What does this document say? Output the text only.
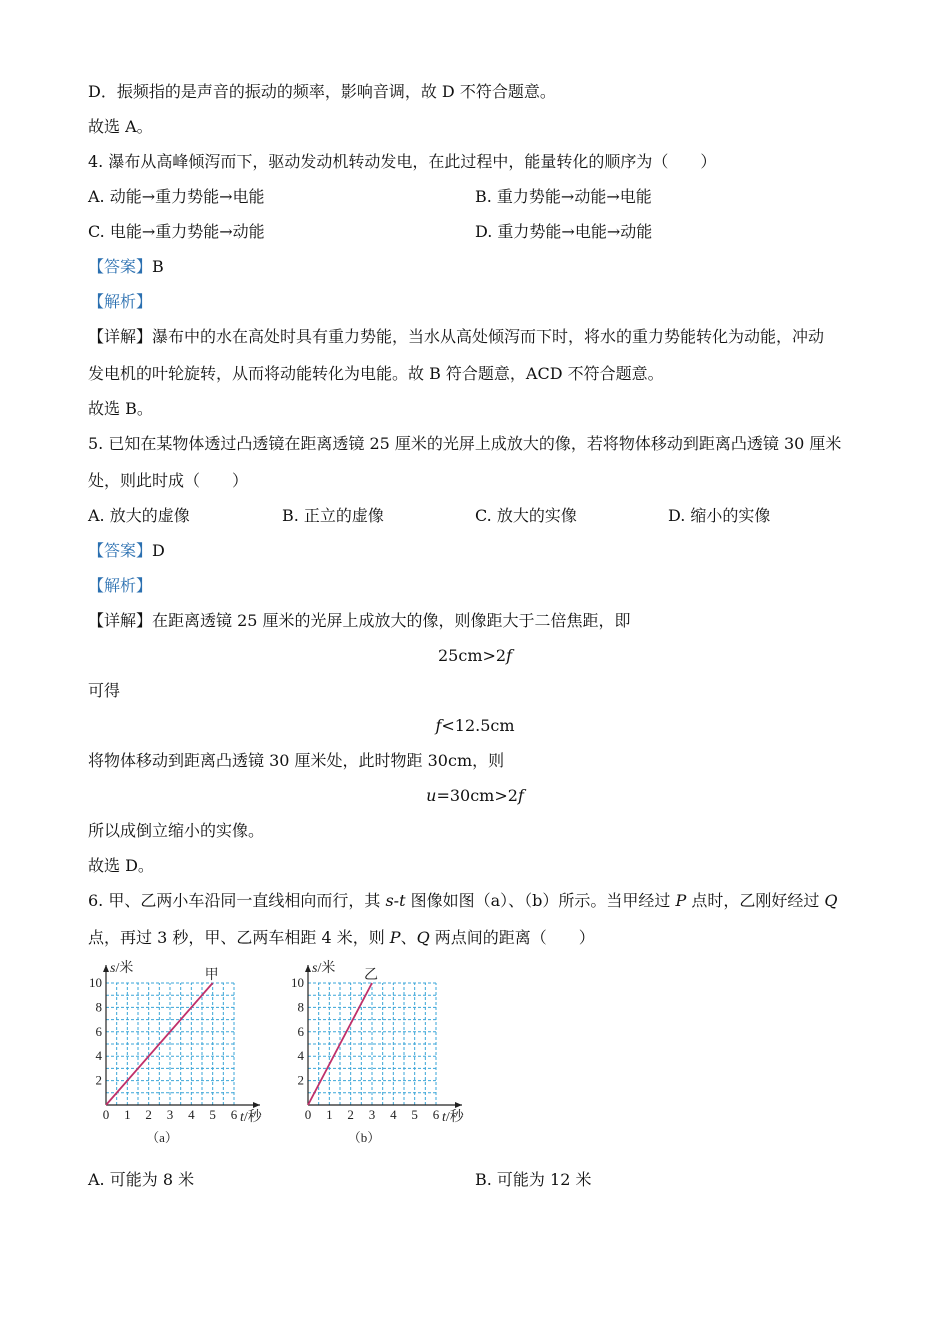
D．振频指的是声音的振动的频率，影响音调，故 D 不符合题意。
故选 A。
4. 瀑布从高峰倾泻而下，驱动发动机转动发电，在此过程中，能量转化的顺序为（　　）
A. 动能→重力势能→电能	B. 重力势能→动能→电能
C. 电能→重力势能→动能	D. 重力势能→电能→动能
【答案】B
【解析】
【详解】瀑布中的水在高处时具有重力势能，当水从高处倾泻而下时，将水的重力势能转化为动能，冲动
发电机的叶轮旋转，从而将动能转化为电能。故 B 符合题意，ACD 不符合题意。
故选 B。
5. 已知在某物体透过凸透镜在距离透镜 25 厘米的光屏上成放大的像，若将物体移动到距离凸透镜 30 厘米
处，则此时成（　　）
A. 放大的虚像	B. 正立的虚像	C. 放大的实像	D. 缩小的实像
【答案】D
【解析】
【详解】在距离透镜 25 厘米的光屏上成放大的像，则像距大于二倍焦距，即
25cm>2f
可得
f<12.5cm
将物体移动到距离凸透镜 30 厘米处，此时物距 30cm，则
u=30cm>2f
所以成倒立缩小的实像。
故选 D。
6. 甲、乙两小车沿同一直线相向而行，其 s-t 图像如图（a）、（b）所示。当甲经过 P 点时，乙刚好经过 Q
点，再过 3 秒，甲、乙两车相距 4 米，则 P、Q 两点间的距离（　　）
0 1 2 3 4 5 6
2
4
6
8
10
s/米
t/秒
甲
（a）
0 1 2 3 4 5 6
2
4
6
8
10
s/米
t/秒
乙
（b）
A. 可能为 8 米	B. 可能为 12 米
